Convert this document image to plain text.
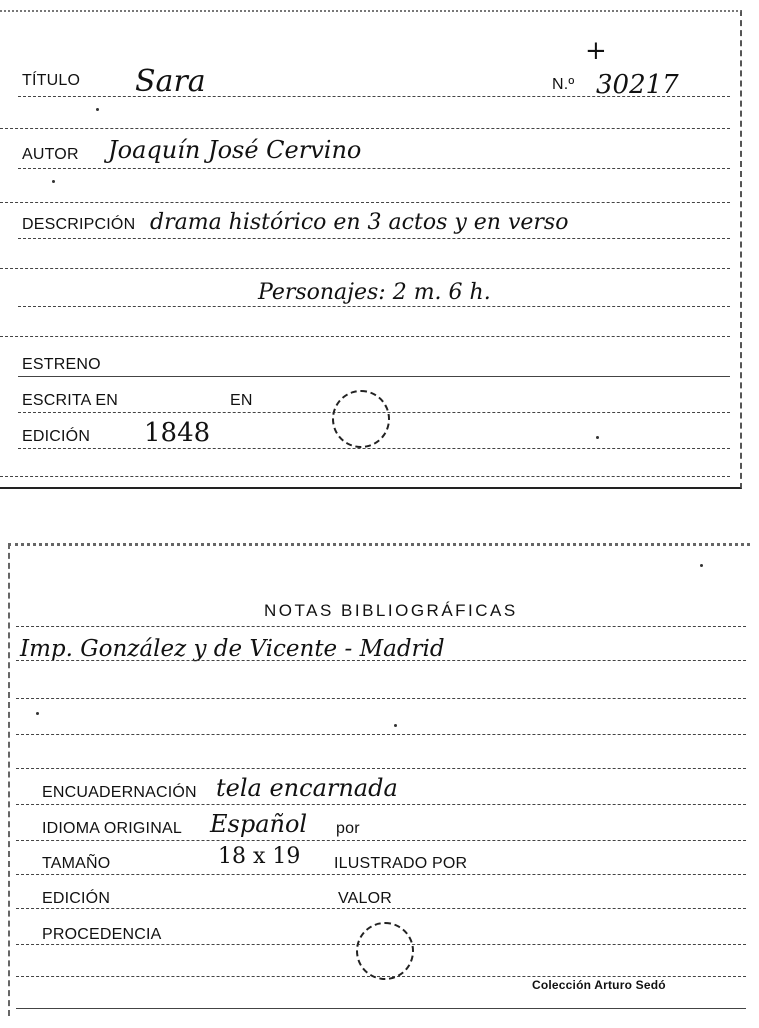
+
TÍTULO Sara	N.º 30217
AUTOR Joaquín José Cervino
DESCRIPCIÓN drama histórico en 3 actos y en verso
Personajes: 2 m. 6 h.
ESTRENO
ESCRITA EN	EN
EDICIÓN 1848
NOTAS BIBLIOGRÁFICAS
Imp. González y de Vicente - Madrid
ENCUADERNACIÓN tela encarnada
IDIOMA ORIGINAL Español por
TAMAÑO	18 x 19 ILUSTRADO POR
EDICIÓN	VALOR
PROCEDENCIA
Colección Arturo Sedó
